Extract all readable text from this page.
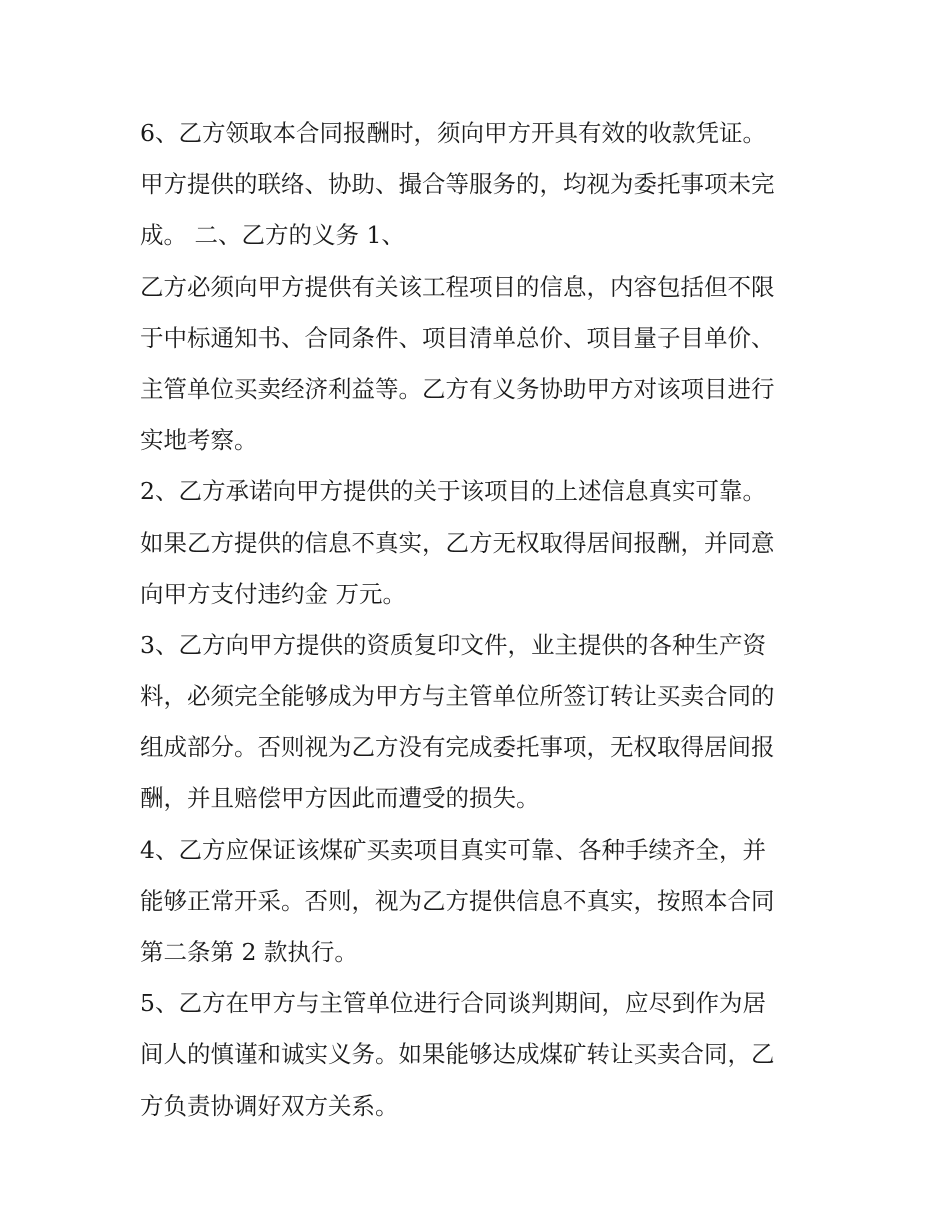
6、乙方领取本合同报酬时，须向甲方开具有效的收款凭证。
甲方提供的联络、协助、撮合等服务的，均视为委托事项未完
成。 二、乙方的义务 1、
乙方必须向甲方提供有关该工程项目的信息，内容包括但不限
于中标通知书、合同条件、项目清单总价、项目量子目单价、
主管单位买卖经济利益等。乙方有义务协助甲方对该项目进行
实地考察。
2、乙方承诺向甲方提供的关于该项目的上述信息真实可靠。
如果乙方提供的信息不真实，乙方无权取得居间报酬，并同意
向甲方支付违约金 万元。
3、乙方向甲方提供的资质复印文件，业主提供的各种生产资
料，必须完全能够成为甲方与主管单位所签订转让买卖合同的
组成部分。否则视为乙方没有完成委托事项，无权取得居间报
酬，并且赔偿甲方因此而遭受的损失。
4、乙方应保证该煤矿买卖项目真实可靠、各种手续齐全，并
能够正常开采。否则，视为乙方提供信息不真实，按照本合同
第二条第 2 款执行。
5、乙方在甲方与主管单位进行合同谈判期间，应尽到作为居
间人的慎谨和诚实义务。如果能够达成煤矿转让买卖合同，乙
方负责协调好双方关系。
